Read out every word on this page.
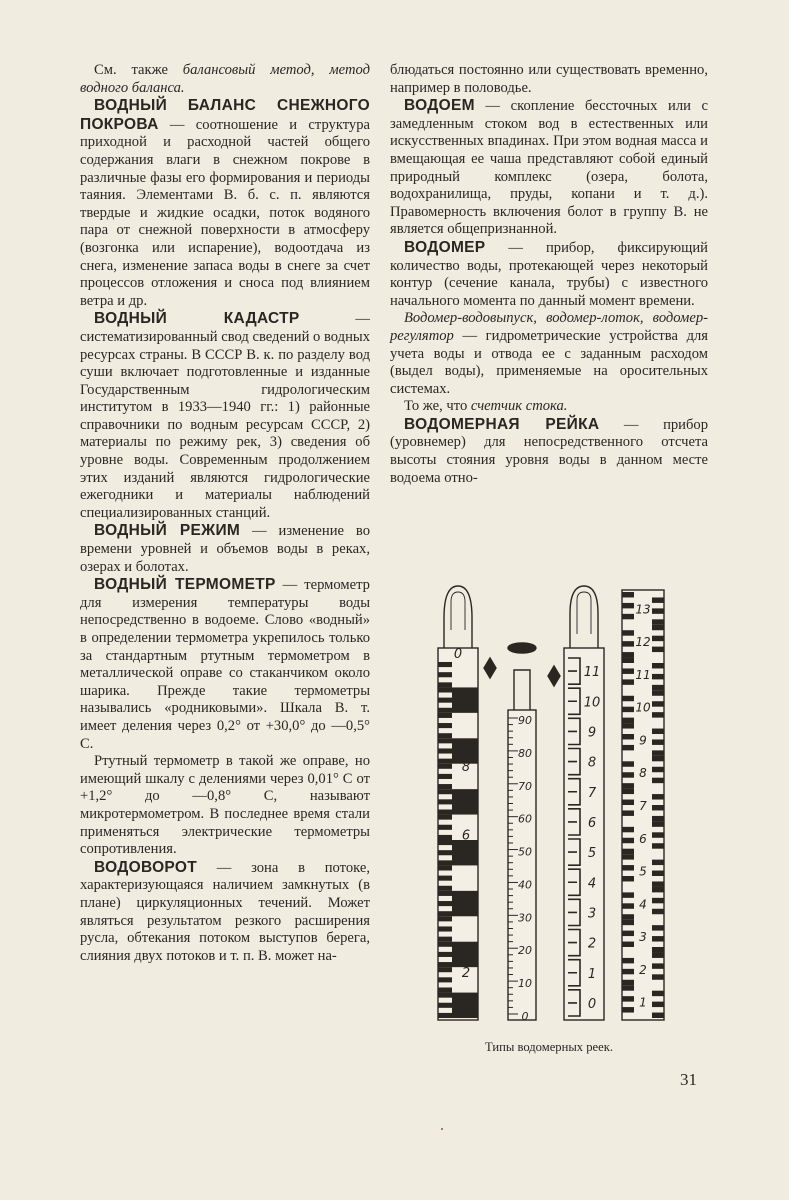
См. также балансовый метод, метод водного баланса.

ВОДНЫЙ БАЛАНС СНЕЖНОГО ПОКРОВА — соотношение и структура приходной и расходной частей общего содержания влаги в снежном покрове в различные фазы его формирования и периоды таяния. Элементами В. б. с. п. являются твердые и жидкие осадки, поток водяного пара от снежной поверхности в атмосферу (возгонка или испарение), водоотдача из снега, изменение запаса воды в снеге за счет процессов отложения и сноса под влиянием ветра и др.

ВОДНЫЙ КАДАСТР — систематизированный свод сведений о водных ресурсах страны. В СССР В. к. по разделу вод суши включает подготовленные и изданные Государственным гидрологическим институтом в 1933—1940 гг.: 1) районные справочники по водным ресурсам СССР, 2) материалы по режиму рек, 3) сведения об уровне воды. Современным продолжением этих изданий являются гидрологические ежегодники и материалы наблюдений специализированных станций.

ВОДНЫЙ РЕЖИМ — изменение во времени уровней и объемов воды в реках, озерах и болотах.

ВОДНЫЙ ТЕРМОМЕТР — термометр для измерения температуры воды непосредственно в водоеме. Слово «водный» в определении термометра укрепилось только за стандартным ртутным термометром в металлической оправе со стаканчиком около шарика. Прежде такие термометры назывались «родниковыми». Шкала В. т. имеет деления через 0,2° от +30,0° до —0,5° С.

Ртутный термометр в такой же оправе, но имеющий шкалу с делениями через 0,01° С от +1,2° до —0,8° С, называют микротермометром. В последнее время стали применяться электрические термометры сопротивления.

ВОДОВОРОТ — зона в потоке, характеризующаяся наличием замкнутых (в плане) циркуляционных течений. Может являться результатом резкого расширения русла, обтекания потоком выступов берега, слияния двух потоков и т. п. В. может на-

блюдаться постоянно или существовать временно, например в половодье.

ВОДОЕМ — скопление бессточных или с замедленным стоком вод в естественных или искусственных впадинах. При этом водная масса и вмещающая ее чаша представляют собой единый природный комплекс (озера, болота, водохранилища, пруды, копани и т. д.). Правомерность включения болот в группу В. не является общепризнанной.

ВОДОМЕР — прибор, фиксирующий количество воды, протекающей через некоторый контур (сечение канала, трубы) с известного начального момента по данный момент времени.

Водомер-водовыпуск, водомер-лоток, водомер-регулятор — гидрометрические устройства для учета воды и отвода ее с заданным расходом (выдел воды), применяемые на оросительных системах.

То же, что счетчик стока.

ВОДОМЕРНАЯ РЕЙКА — прибор (уровнемер) для непосредственного отсчета высоты стояния уровня воды в данном месте водоема отно-

0
10
8
6
4
2
90
80
70
60
50
40
30
20
10
0
11
10
9
8
7
6
5
4
3
2
1
0
13
12
11
10
9
8
7
6
5
4
3
2
1
Типы водомерных реек.
31
